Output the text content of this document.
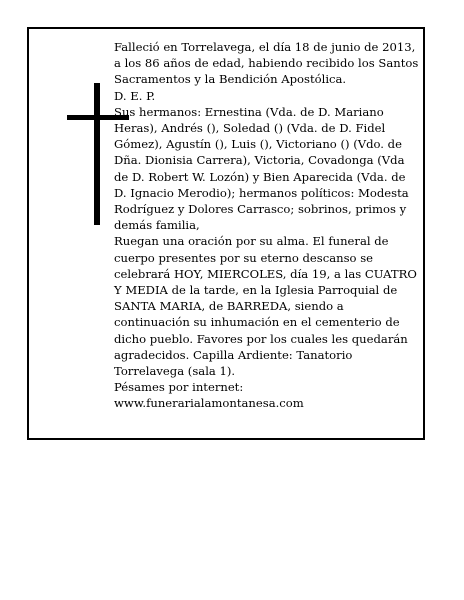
Falleció en Torrelavega, el día 18 de junio de 2013, a los 86 años de edad, habiendo recibido los Santos Sacramentos y la Bendición Apostólica.

D. E. P.

Sus hermanos: Ernestina (Vda. de D. Mariano Heras), Andrés (), Soledad () (Vda. de D. Fidel Gómez), Agustín (), Luis (), Victoriano () (Vdo. de Dña. Dionisia Carrera), Victoria, Covadonga (Vda de D. Robert W. Lozón) y Bien Aparecida (Vda. de D. Ignacio Merodio); hermanos políticos: Modesta Rodríguez y Dolores Carrasco; sobrinos, primos y demás familia,

Ruegan una oración por su alma. El funeral de cuerpo presentes por su eterno descanso se celebrará HOY, MIERCOLES, día 19, a las CUATRO Y MEDIA de la tarde, en la Iglesia Parroquial de SANTA MARIA, de BARREDA, siendo a continuación su inhumación en el cementerio de dicho pueblo. Favores por los cuales les quedarán agradecidos. Capilla Ardiente: Tanatorio Torrelavega (sala 1).

Pésames por internet: www.funerarialamontanesa.com
